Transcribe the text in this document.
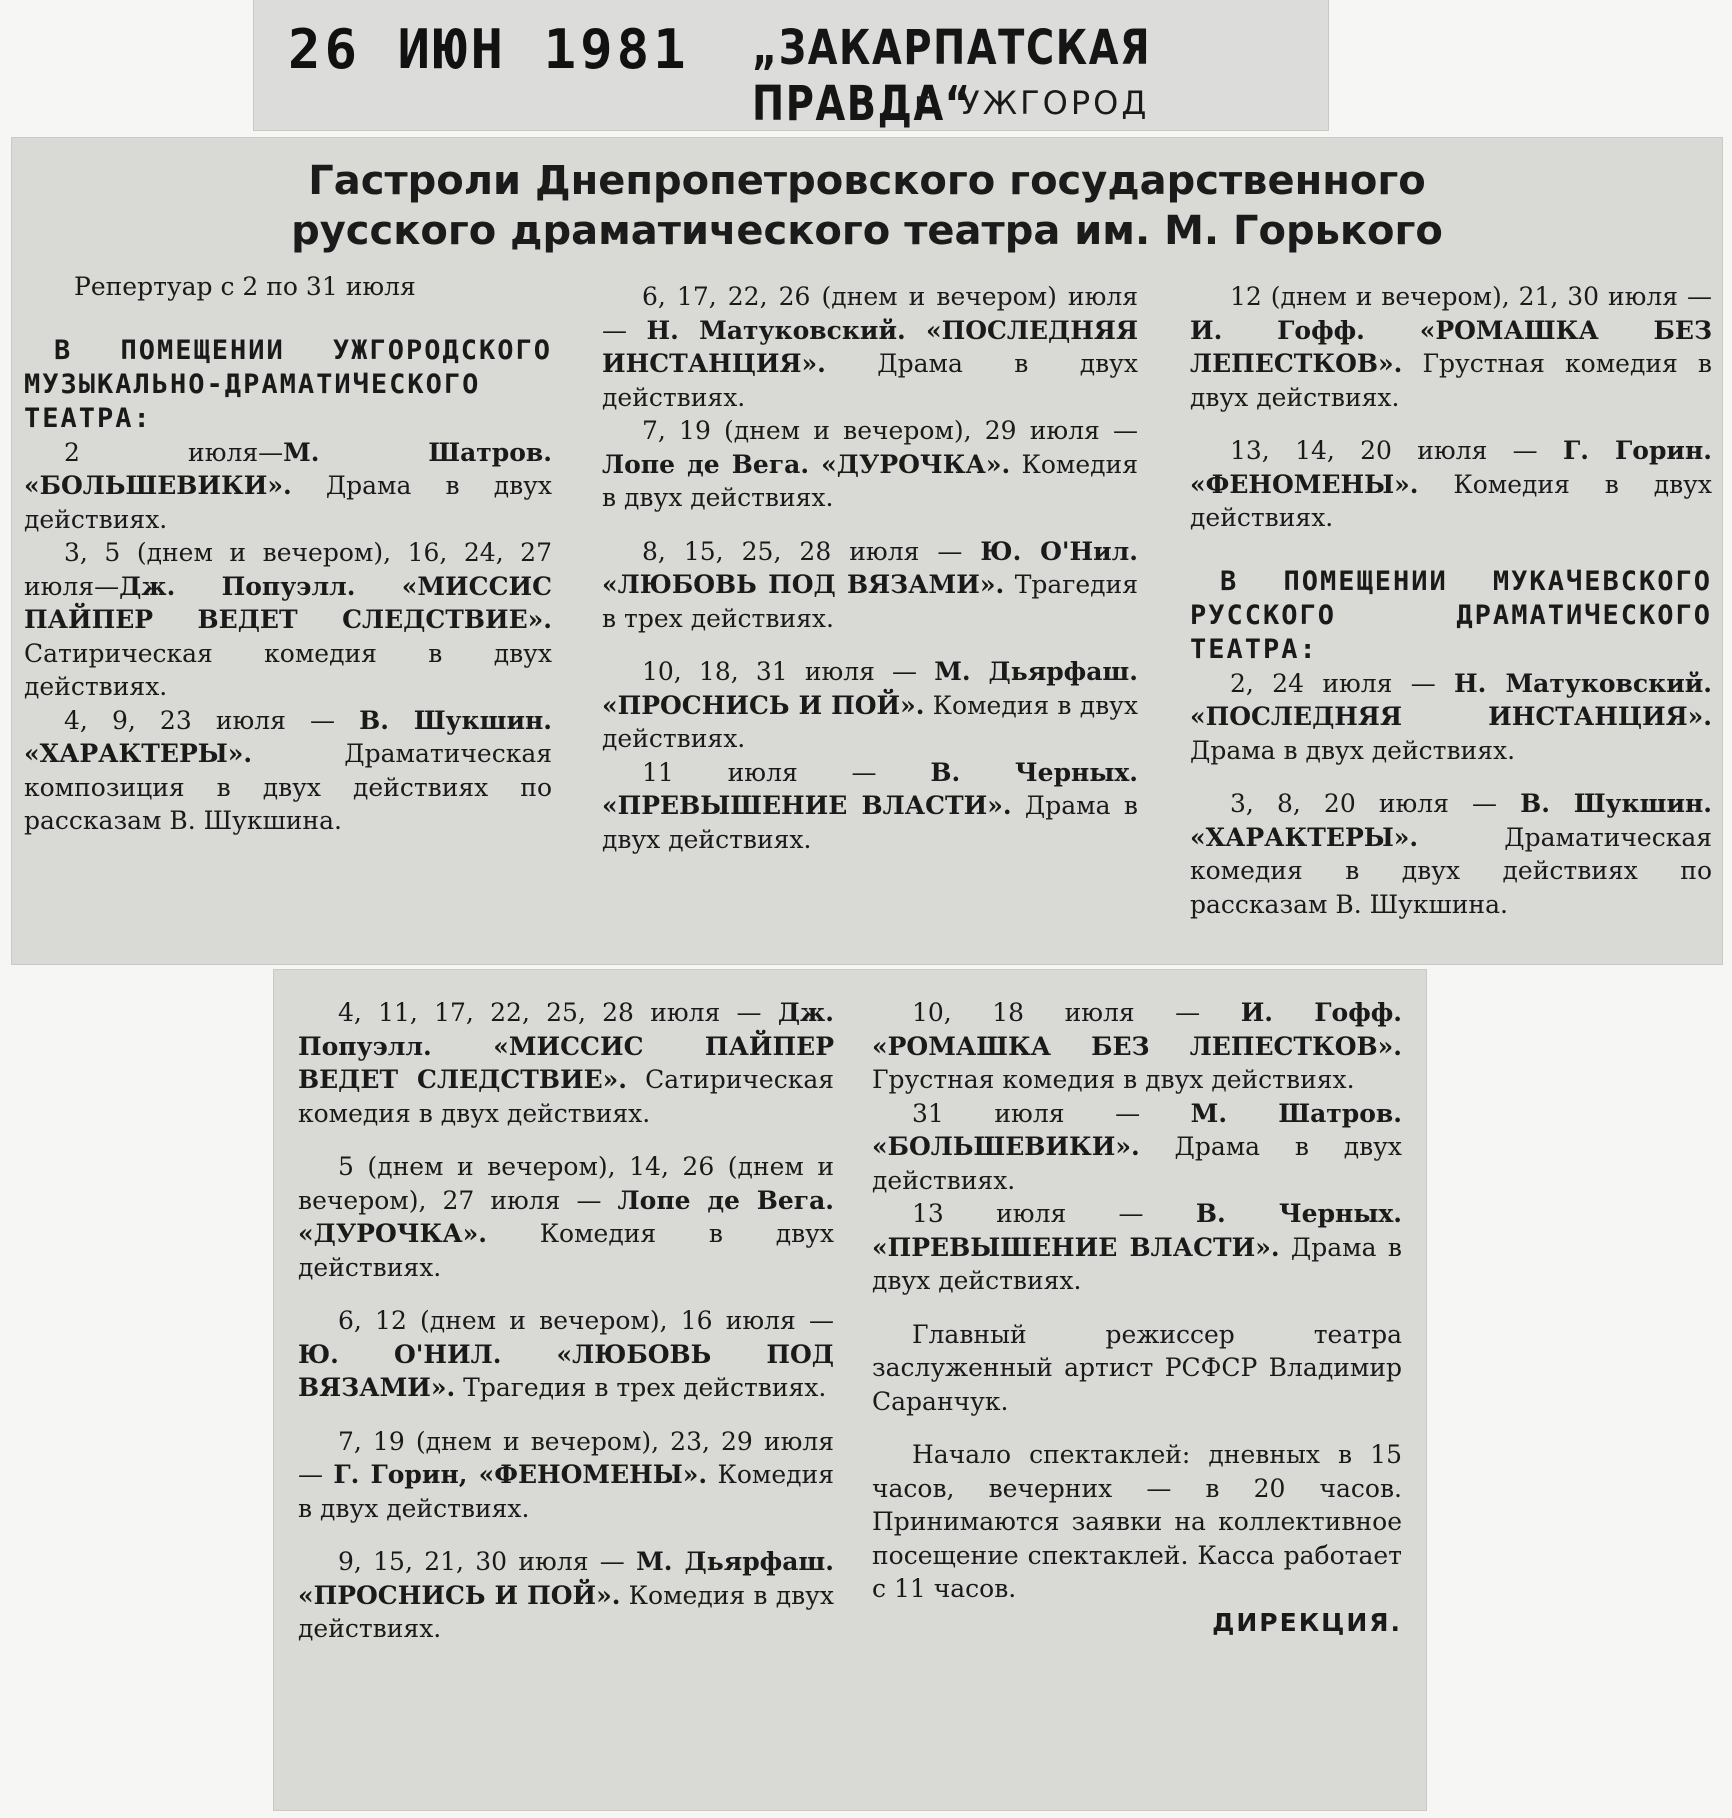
26 ИЮН 1981 „ЗАКАРПАТСКАЯ ПРАВДА“
г. УЖГОРОД
Гастроли Днепропетровского государственного
русского драматического театра им. М. Горького

Репертуар с 2 по 31 июля

В ПОМЕЩЕНИИ УЖГОРОДСКОГО МУЗЫКАЛЬНО-ДРАМАТИЧЕСКОГО ТЕАТРА:

2 июля—М. Шатров. «БОЛЬШЕВИКИ». Драма в двух действиях.

3, 5 (днем и вечером), 16, 24, 27 июля—Дж. Попуэлл. «МИССИС ПАЙПЕР ВЕДЕТ СЛЕДСТВИЕ». Сатирическая комедия в двух действиях.

4, 9, 23 июля — В. Шукшин. «ХАРАКТЕРЫ». Драматическая композиция в двух действиях по рассказам В. Шукшина.

6, 17, 22, 26 (днем и вечером) июля — Н. Матуковский. «ПОСЛЕДНЯЯ ИНСТАНЦИЯ». Драма в двух действиях.

7, 19 (днем и вечером), 29 июля — Лопе де Вега. «ДУРОЧКА». Комедия в двух действиях.

8, 15, 25, 28 июля — Ю. О'Нил. «ЛЮБОВЬ ПОД ВЯЗАМИ». Трагедия в трех действиях.

10, 18, 31 июля — М. Дьярфаш. «ПРОСНИСЬ И ПОЙ». Комедия в двух действиях.

11 июля — В. Черных. «ПРЕВЫШЕНИЕ ВЛАСТИ». Драма в двух действиях.

12 (днем и вечером), 21, 30 июля — И. Гофф. «РОМАШКА БЕЗ ЛЕПЕСТКОВ». Грустная комедия в двух действиях.

13, 14, 20 июля — Г. Горин. «ФЕНОМЕНЫ». Комедия в двух действиях.

В ПОМЕЩЕНИИ МУКАЧЕВСКОГО РУССКОГО ДРАМАТИЧЕСКОГО ТЕАТРА:

2, 24 июля — Н. Матуковский. «ПОСЛЕДНЯЯ ИНСТАНЦИЯ». Драма в двух действиях.

3, 8, 20 июля — В. Шукшин. «ХАРАКТЕРЫ». Драматическая комедия в двух действиях по рассказам В. Шукшина.

4, 11, 17, 22, 25, 28 июля — Дж. Попуэлл. «МИССИС ПАЙПЕР ВЕДЕТ СЛЕДСТВИЕ». Сатирическая комедия в двух действиях.

5 (днем и вечером), 14, 26 (днем и вечером), 27 июля — Лопе де Вега. «ДУРОЧКА». Комедия в двух действиях.

6, 12 (днем и вечером), 16 июля — Ю. О'НИЛ. «ЛЮБОВЬ ПОД ВЯЗАМИ». Трагедия в трех действиях.

7, 19 (днем и вечером), 23, 29 июля — Г. Горин, «ФЕНОМЕНЫ». Комедия в двух действиях.

9, 15, 21, 30 июля — М. Дьярфаш. «ПРОСНИСЬ И ПОЙ». Комедия в двух действиях.

10, 18 июля — И. Гофф. «РОМАШКА БЕЗ ЛЕПЕСТКОВ». Грустная комедия в двух действиях.

31 июля — М. Шатров. «БОЛЬШЕВИКИ». Драма в двух действиях.

13 июля — В. Черных. «ПРЕВЫШЕНИЕ ВЛАСТИ». Драма в двух действиях.

Главный режиссер театра заслуженный артист РСФСР Владимир Саранчук.

Начало спектаклей: дневных в 15 часов, вечерних — в 20 часов. Принимаются заявки на коллективное посещение спектаклей. Касса работает с 11 часов.

ДИРЕКЦИЯ.
